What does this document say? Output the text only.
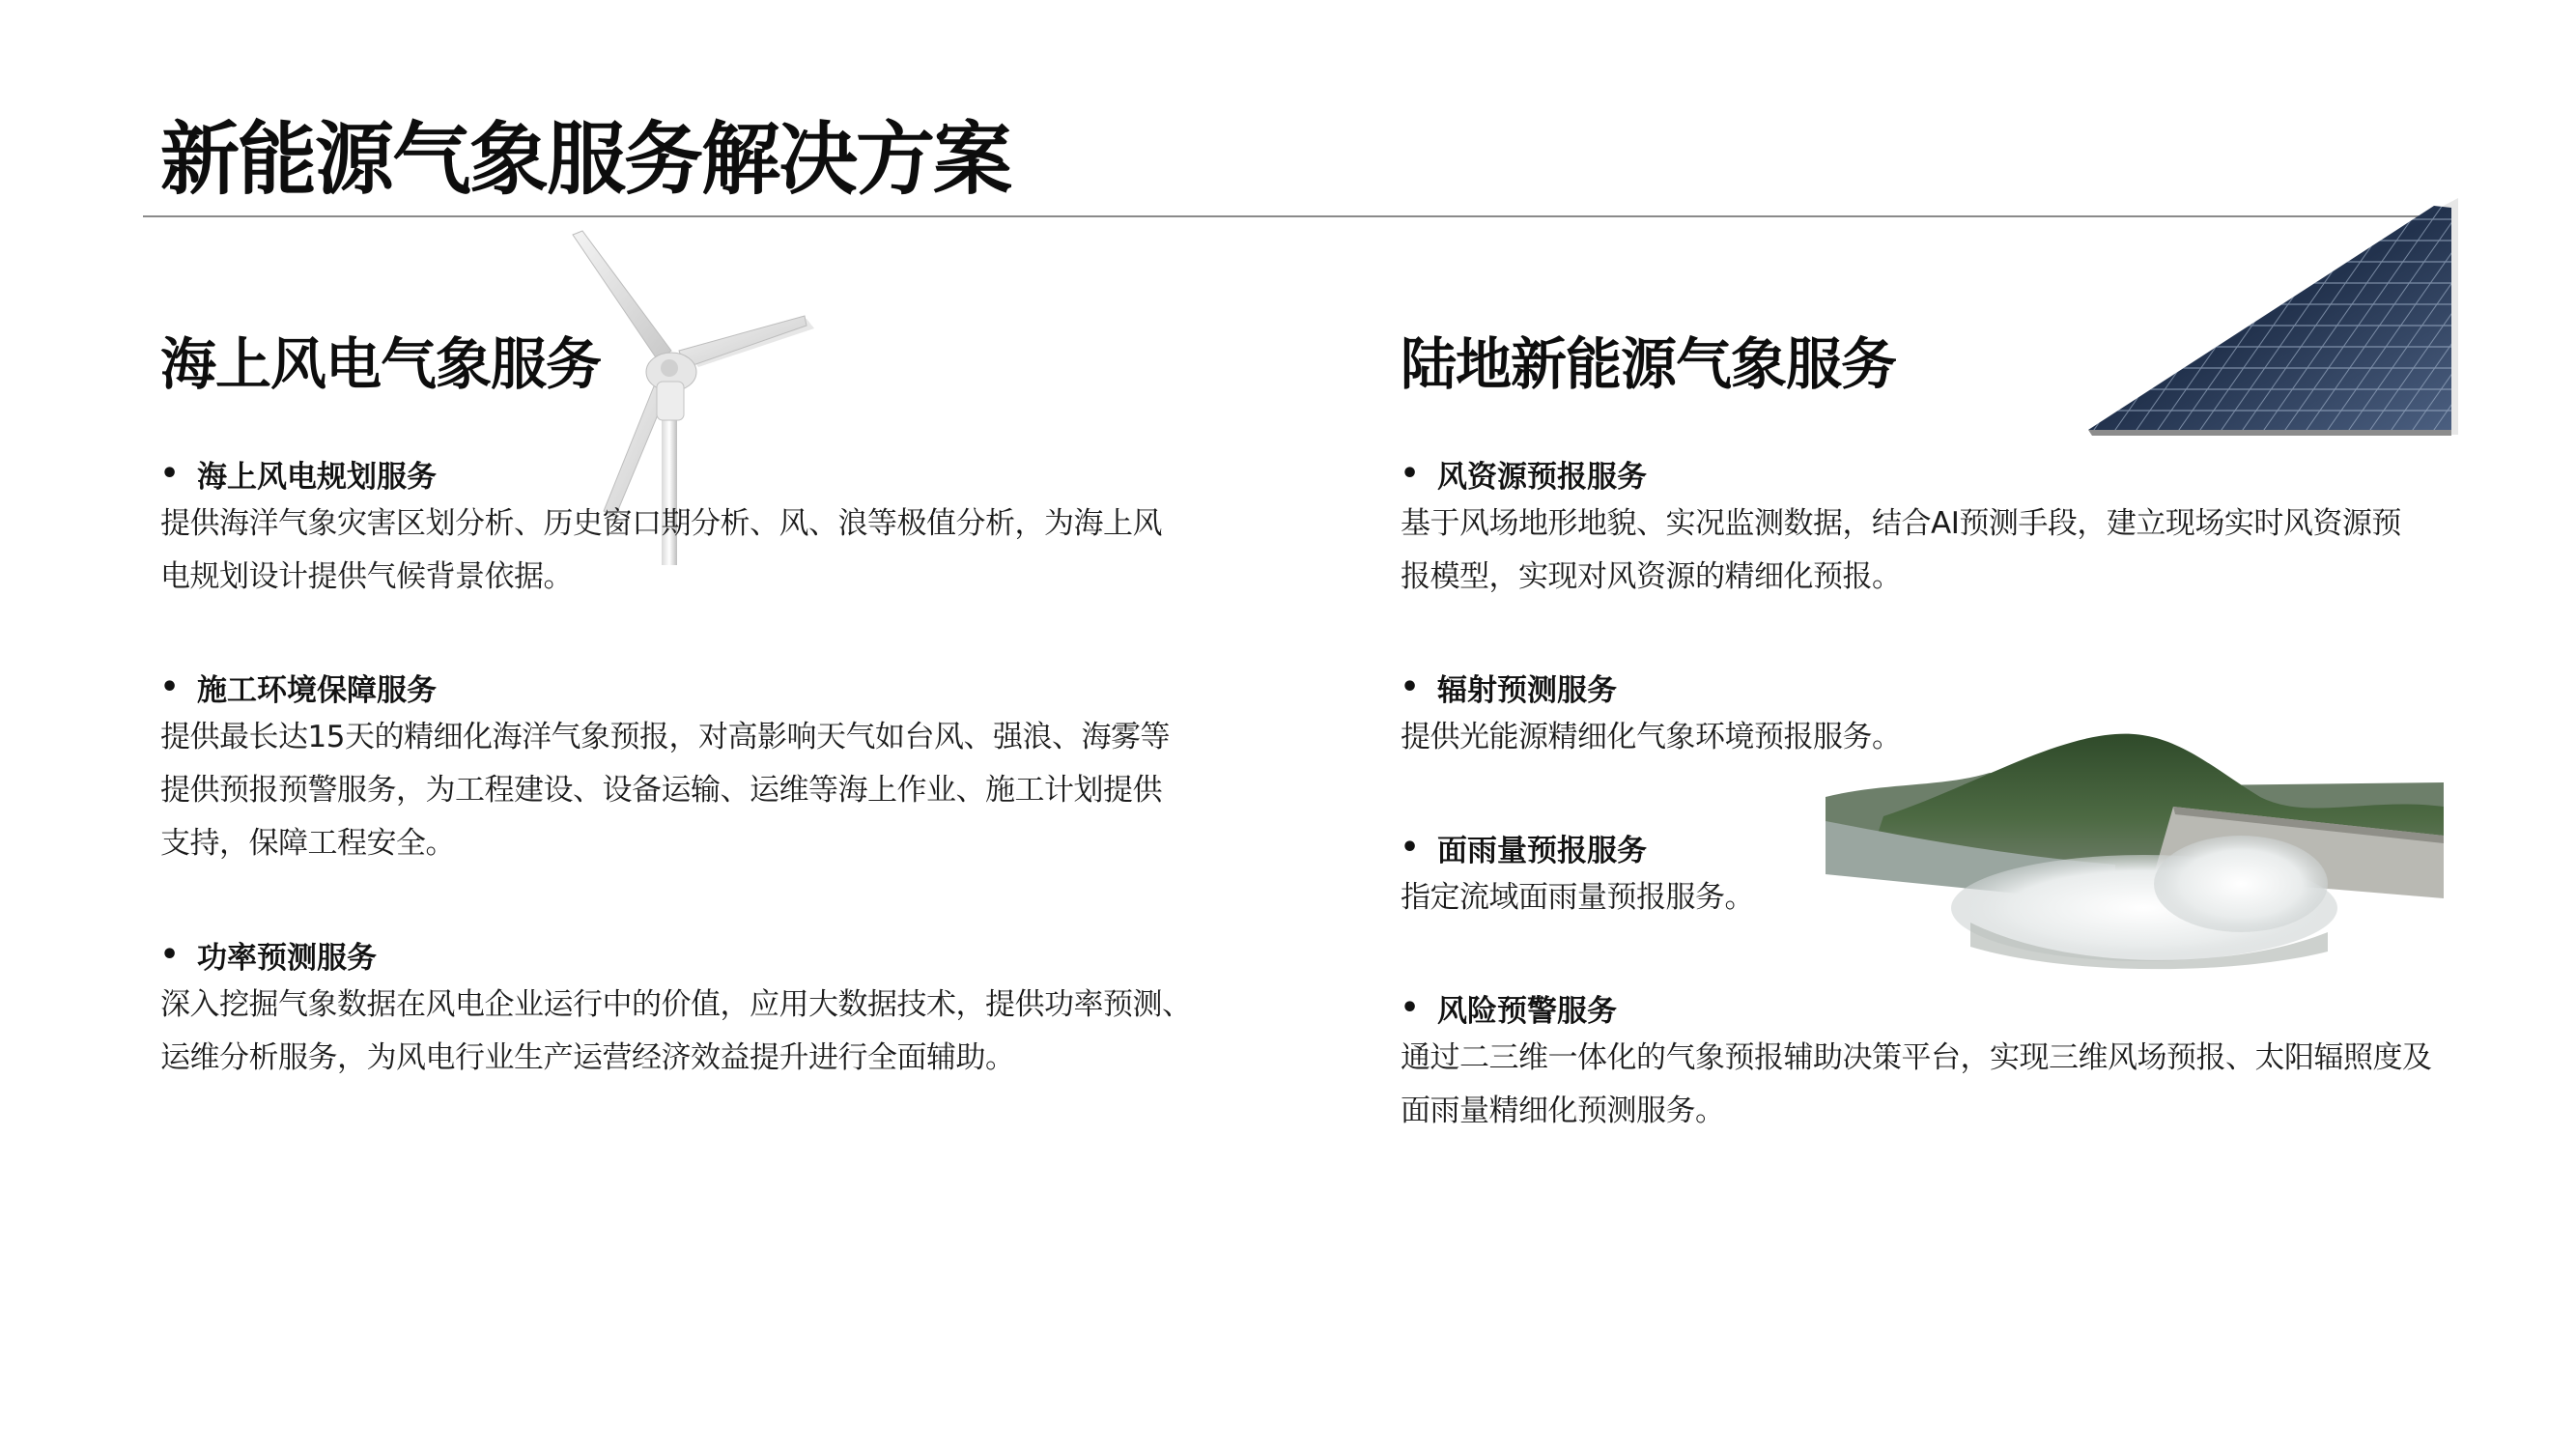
新能源气象服务解决方案
海上风电气象服务
• 海上风电规划服务
提供海洋气象灾害区划分析、历史窗口期分析、风、浪等极值分析，为海上风电规划设计提供气候背景依据。
• 施工环境保障服务
提供最长达15天的精细化海洋气象预报，对高影响天气如台风、强浪、海雾等提供预报预警服务，为工程建设、设备运输、运维等海上作业、施工计划提供支持，保障工程安全。
• 功率预测服务
深入挖掘气象数据在风电企业运行中的价值，应用大数据技术，提供功率预测、运维分析服务，为风电行业生产运营经济效益提升进行全面辅助。
陆地新能源气象服务
• 风资源预报服务
基于风场地形地貌、实况监测数据，结合AI预测手段，建立现场实时风资源预报模型，实现对风资源的精细化预报。
• 辐射预测服务
提供光能源精细化气象环境预报服务。
• 面雨量预报服务
指定流域面雨量预报服务。
• 风险预警服务
通过二三维一体化的气象预报辅助决策平台，实现三维风场预报、太阳辐照度及面雨量精细化预测服务。
